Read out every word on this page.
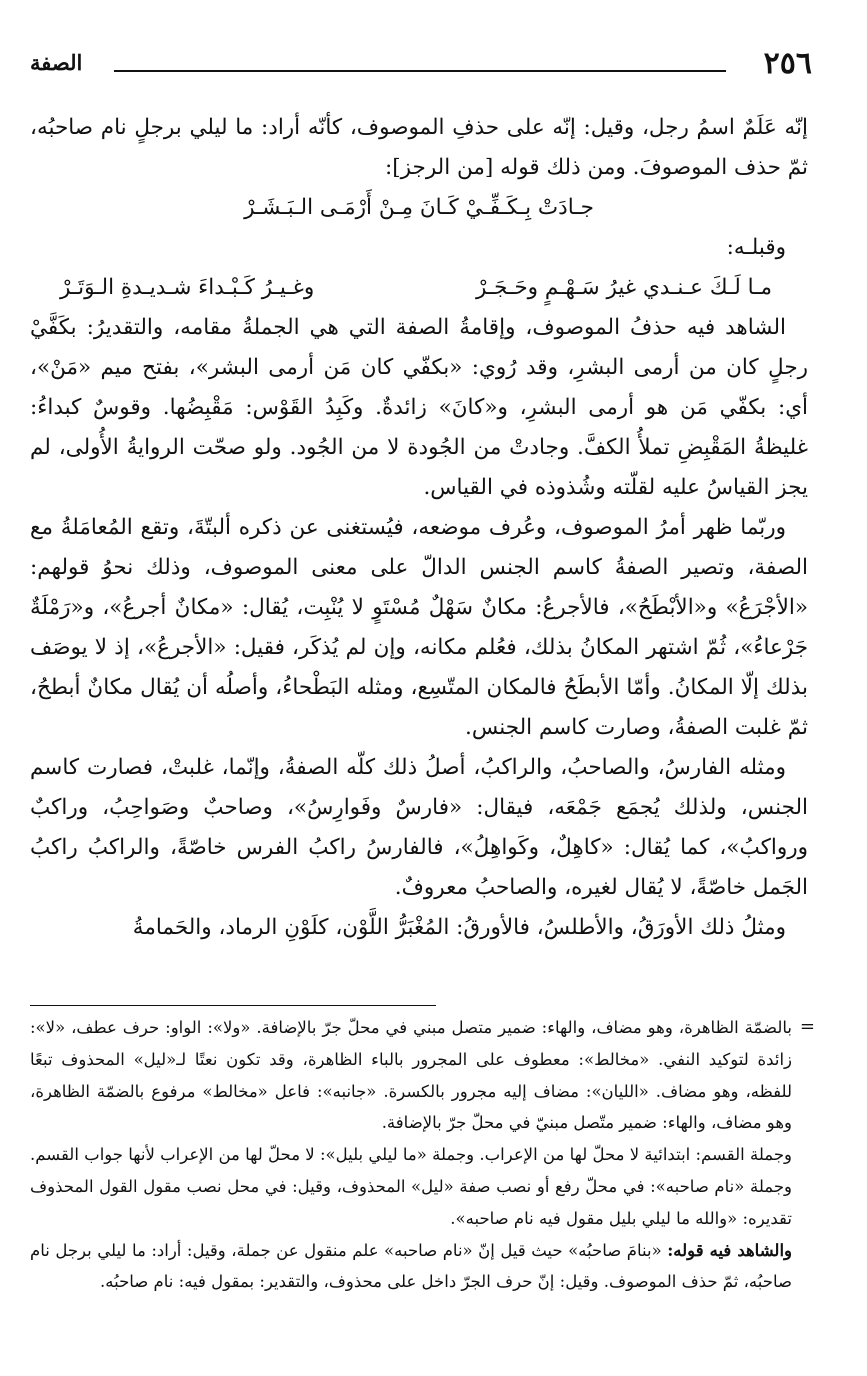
٢٥٦
الصفة

إنّه عَلَمٌ اسمُ رجل، وقيل: إنّه على حذفِ الموصوف، كأنّه أراد: ما ليلي برجلٍ نام صاحبُه، ثمّ حذف الموصوفَ. ومن ذلك قوله [من الرجز]:

جـادَتْ بِـكَـفِّـيْ كَـانَ مِـنْ أَرْمَـى الـبَـشَـرْ

وقبلـه:

مـا لَـكَ عـنـدي غيرُ سَـهْـمٍ وحَـجَـرْ
وغـيـرُ كَـبْـداءَ شـديـدةِ الـوَتَـرْ

الشاهد فيه حذفُ الموصوف، وإقامةُ الصفة التي هي الجملةُ مقامه، والتقديرُ: بكَفَّيْ رجلٍ كان من أرمى البشرِ، وقد رُوي: «بكفّي كان مَن أرمى البشر»، بفتح ميم «مَنْ»، أي: بكفّي مَن هو أرمى البشرِ، و«كانَ» زائدةٌ. وكَبِدُ القَوْس: مَقْبِضُها. وقوسٌ كبداءُ: غليظةُ المَقْبِضِ تملأُ الكفَّ. وجادتْ من الجُودة لا من الجُود. ولو صحّت الروايةُ الأُولى، لم يجز القياسُ عليه لقلّته وشُذوذه في القياس.

وربّما ظهر أمرُ الموصوف، وعُرف موضعه، فيُستغنى عن ذكره ألبتّةَ، وتقع المُعامَلةُ مع الصفة، وتصير الصفةُ كاسم الجنس الدالّ على معنى الموصوف، وذلك نحوُ قولهم: «الأجْرَعُ» و«الأبْطَحُ»، فالأجرعُ: مكانٌ سَهْلٌ مُسْتَوٍ لا يُنْبِت، يُقال: «مكانٌ أجرعُ»، و«رَمْلَةٌ جَرْعاءُ»، ثُمّ اشتهر المكانُ بذلك، فعُلم مكانه، وإن لم يُذكَر، فقيل: «الأجرعُ»، إذ لا يوصَف بذلك إلّا المكانُ. وأمّا الأبطَحُ فالمكان المتّسِع، ومثله البَطْحاءُ، وأصلُه أن يُقال مكانٌ أبطحُ، ثمّ غلبت الصفةُ، وصارت كاسم الجنس.

ومثله الفارسُ، والصاحبُ، والراكبُ، أصلُ ذلك كلّه الصفةُ، وإنّما، غلبتْ، فصارت كاسم الجنس، ولذلك يُجمَع جَمْعَه، فيقال: «فارسٌ وفَوارِسُ»، وصاحبٌ وصَواحِبُ، وراكبٌ ورواكبُ»، كما يُقال: «كاهِلٌ، وكَواهِلُ»، فالفارسُ راكبُ الفرس خاصّةً، والراكبُ راكبُ الجَمل خاصّةً، لا يُقال لغيره، والصاحبُ معروفٌ.

ومثلُ ذلك الأورَقُ، والأطلسُ، فالأورقُ: المُغْبَرُّ اللَّوْن، كلَوْنِ الرماد، والحَمامةُ

=

بالضمّة الظاهرة، وهو مضاف، والهاء: ضمير متصل مبني في محلّ جرّ بالإضافة. «ولا»: الواو: حرف عطف، «لا»: زائدة لتوكيد النفي. «مخالط»: معطوف على المجرور بالباء الظاهرة، وقد تكون نعتًا لـ«ليل» المحذوف تبعًا للفظه، وهو مضاف. «الليان»: مضاف إليه مجرور بالكسرة. «جانبه»: فاعل «مخالط» مرفوع بالضمّة الظاهرة، وهو مضاف، والهاء: ضمير متّصل مبنيّ في محلّ جرّ بالإضافة.

وجملة القسم: ابتدائية لا محلّ لها من الإعراب. وجملة «ما ليلي بليل»: لا محلّ لها من الإعراب لأنها جواب القسم. وجملة «نام صاحبه»: في محلّ رفع أو نصب صفة «ليل» المحذوف، وقيل: في محل نصب مقول القول المحذوف تقديره: «والله ما ليلي بليل مقول فيه نام صاحبه».

والشاهد فيه قوله: «بنامَ صاحبُه» حيث قيل إنّ «نام صاحبه» علم منقول عن جملة، وقيل: أراد: ما ليلي برجل نام صاحبُه، ثمّ حذف الموصوف. وقيل: إنّ حرف الجرّ داخل على محذوف، والتقدير: بمقول فيه: نام صاحبُه.
